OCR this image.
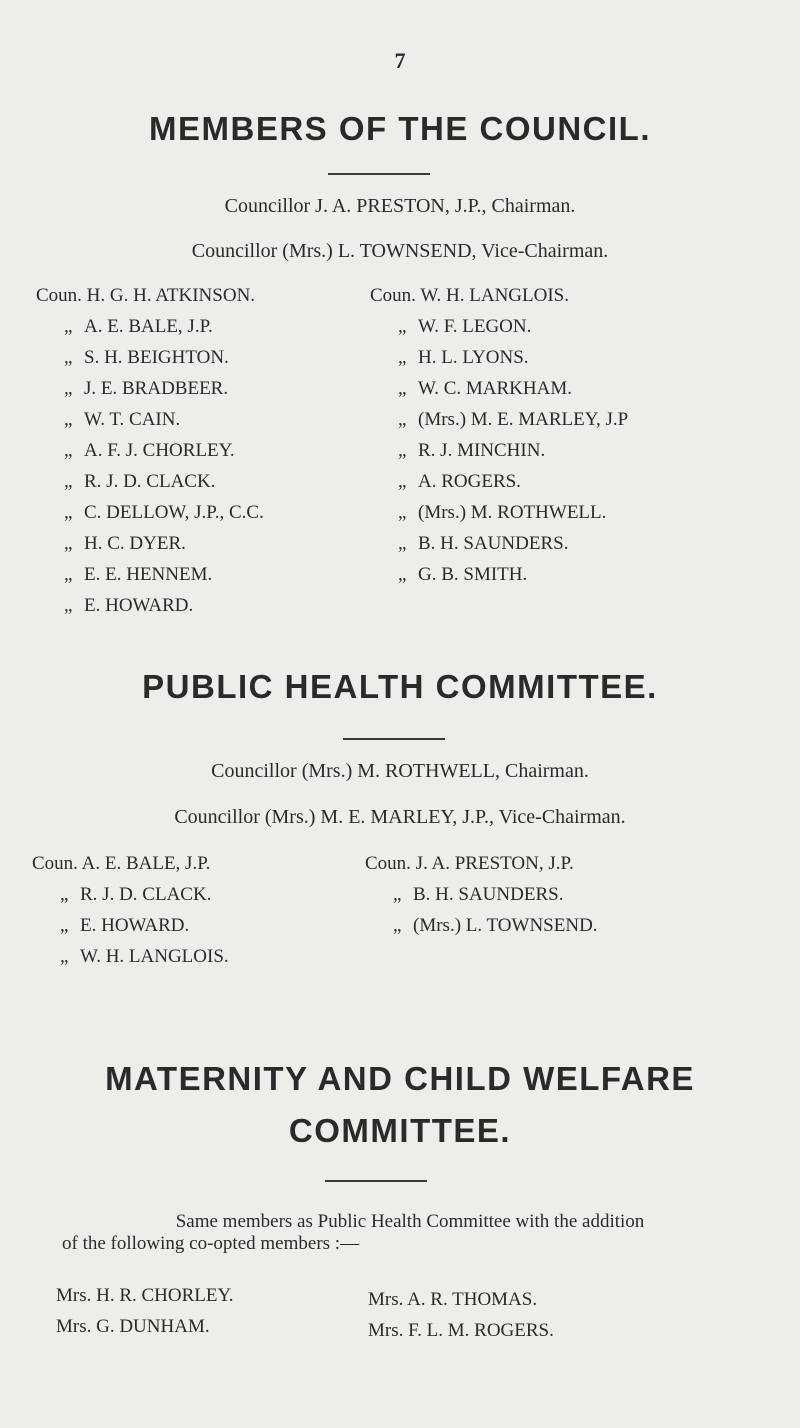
7
MEMBERS OF THE COUNCIL.
Councillor J. A. PRESTON, J.P., Chairman.
Councillor (Mrs.) L. TOWNSEND, Vice-Chairman.
Coun. H. G. H. ATKINSON.
„ A. E. BALE, J.P.
„ S. H. BEIGHTON.
„ J. E. BRADBEER.
„ W. T. CAIN.
„ A. F. J. CHORLEY.
„ R. J. D. CLACK.
„ C. DELLOW, J.P., C.C.
„ H. C. DYER.
„ E. E. HENNEM.
„ E. HOWARD.
Coun. W. H. LANGLOIS.
„ W. F. LEGON.
„ H. L. LYONS.
„ W. C. MARKHAM.
„ (Mrs.) M. E. MARLEY, J.P
„ R. J. MINCHIN.
„ A. ROGERS.
„ (Mrs.) M. ROTHWELL.
„ B. H. SAUNDERS.
„ G. B. SMITH.
PUBLIC HEALTH COMMITTEE.
Councillor (Mrs.) M. ROTHWELL, Chairman.
Councillor (Mrs.) M. E. MARLEY, J.P., Vice-Chairman.
Coun. A. E. BALE, J.P.
„ R. J. D. CLACK.
„ E. HOWARD.
„ W. H. LANGLOIS.
Coun. J. A. PRESTON, J.P.
„ B. H. SAUNDERS.
„ (Mrs.) L. TOWNSEND.
MATERNITY AND CHILD WELFARE
COMMITTEE.
Same members as Public Health Committee with the addition
of the following co-opted members :—
Mrs. H. R. CHORLEY.
Mrs. G. DUNHAM.
Mrs. A. R. THOMAS.
Mrs. F. L. M. ROGERS.
